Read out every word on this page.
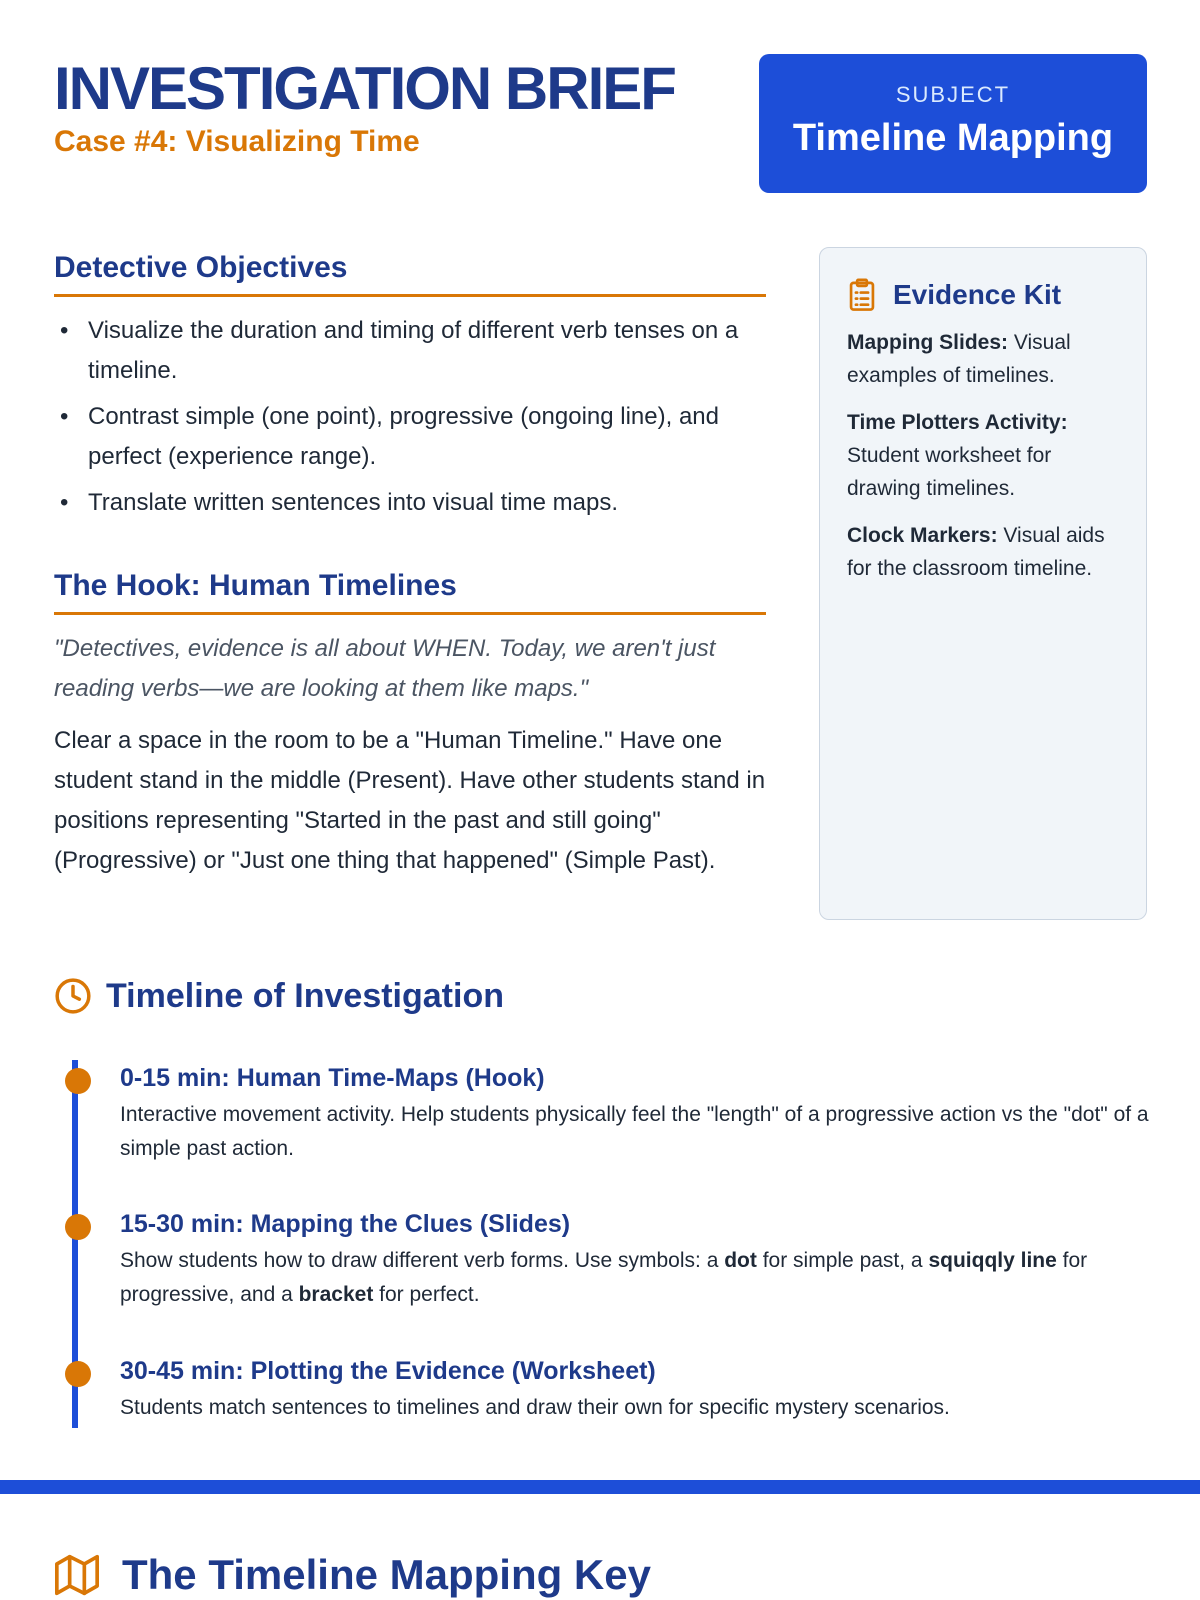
INVESTIGATION BRIEF
Case #4: Visualizing Time
SUBJECT
Timeline Mapping
Detective Objectives
• Visualize the duration and timing of different verb tenses on a timeline.
• Contrast simple (one point), progressive (ongoing line), and perfect (experience range).
• Translate written sentences into visual time maps.
The Hook: Human Timelines
"Detectives, evidence is all about WHEN. Today, we aren't just reading verbs—we are looking at them like maps."
Clear a space in the room to be a "Human Timeline." Have one student stand in the middle (Present). Have other students stand in positions representing "Started in the past and still going" (Progressive) or "Just one thing that happened" (Simple Past).
Evidence Kit
Mapping Slides: Visual examples of timelines.
Time Plotters Activity: Student worksheet for drawing timelines.
Clock Markers: Visual aids for the classroom timeline.
Timeline of Investigation
0-15 min: Human Time-Maps (Hook)
Interactive movement activity. Help students physically feel the "length" of a progressive action vs the "dot" of a simple past action.
15-30 min: Mapping the Clues (Slides)
Show students how to draw different verb forms. Use symbols: a dot for simple past, a squiqqly line for progressive, and a bracket for perfect.
30-45 min: Plotting the Evidence (Worksheet)
Students match sentences to timelines and draw their own for specific mystery scenarios.
The Timeline Mapping Key
